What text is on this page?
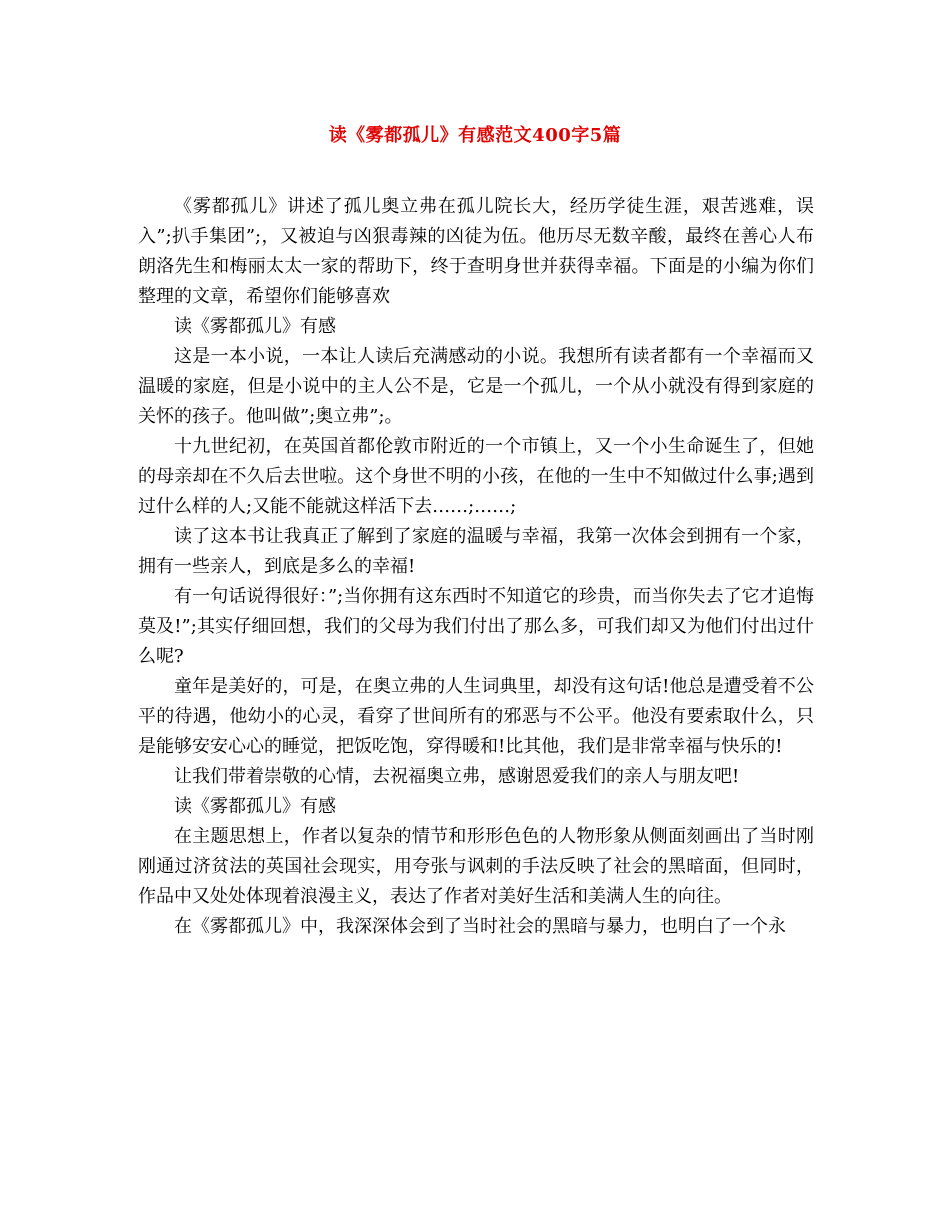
读《雾都孤儿》有感范文400字5篇

《雾都孤儿》讲述了孤儿奥立弗在孤儿院长大，经历学徒生涯，艰苦逃难，误入”;扒手集团”;，又被迫与凶狠毒辣的凶徒为伍。他历尽无数辛酸，最终在善心人布朗洛先生和梅丽太太一家的帮助下，终于查明身世并获得幸福。下面是的小编为你们整理的文章，希望你们能够喜欢

读《雾都孤儿》有感

这是一本小说，一本让人读后充满感动的小说。我想所有读者都有一个幸福而又温暖的家庭，但是小说中的主人公不是，它是一个孤儿，一个从小就没有得到家庭的关怀的孩子。他叫做”;奥立弗”;。

十九世纪初，在英国首都伦敦市附近的一个市镇上，又一个小生命诞生了，但她的母亲却在不久后去世啦。这个身世不明的小孩，在他的一生中不知做过什么事;遇到过什么样的人;又能不能就这样活下去……;……;

读了这本书让我真正了解到了家庭的温暖与幸福，我第一次体会到拥有一个家，拥有一些亲人，到底是多么的幸福!

有一句话说得很好：”;当你拥有这东西时不知道它的珍贵，而当你失去了它才追悔莫及!”;其实仔细回想，我们的父母为我们付出了那么多，可我们却又为他们付出过什么呢?

童年是美好的，可是，在奥立弗的人生词典里，却没有这句话!他总是遭受着不公平的待遇，他幼小的心灵，看穿了世间所有的邪恶与不公平。他没有要索取什么，只是能够安安心心的睡觉，把饭吃饱，穿得暖和!比其他，我们是非常幸福与快乐的!

让我们带着崇敬的心情，去祝福奥立弗，感谢恩爱我们的亲人与朋友吧!

读《雾都孤儿》有感

在主题思想上，作者以复杂的情节和形形色色的人物形象从侧面刻画出了当时刚刚通过济贫法的英国社会现实，用夸张与讽刺的手法反映了社会的黑暗面，但同时，作品中又处处体现着浪漫主义，表达了作者对美好生活和美满人生的向往。

在《雾都孤儿》中，我深深体会到了当时社会的黑暗与暴力，也明白了一个永
